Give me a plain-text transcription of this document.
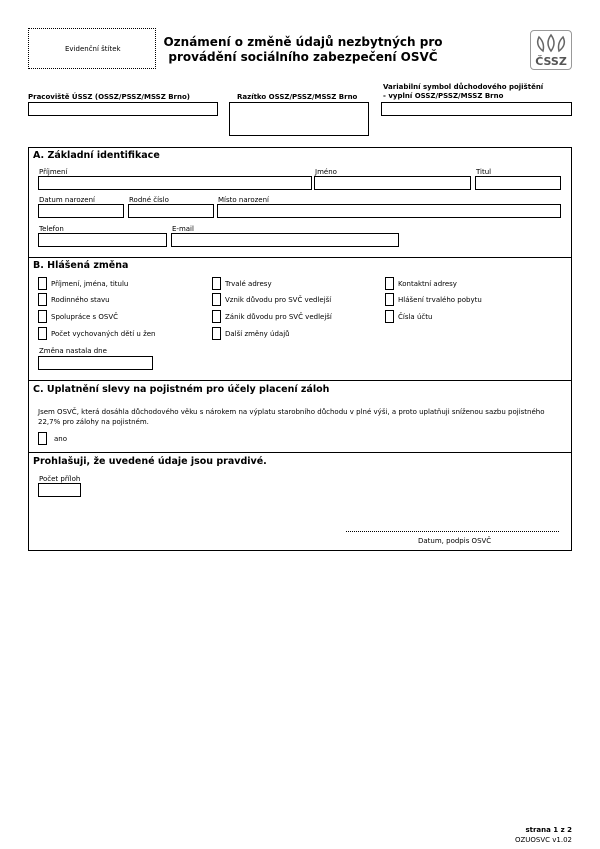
Evidenční štítek	Oznámení o změně údajů nezbytných pro
provádění sociálního zabezpečení OSVČ	ČSSZ
Pracoviště ÚSSZ (OSSZ/PSSZ/MSSZ Brno)	Razítko OSSZ/PSSZ/MSSZ Brno
Variabilní symbol důchodového pojištění
- vyplní OSSZ/PSSZ/MSSZ Brno
A. Základní identifikace
Příjmení	Jméno	Titul
Datum narození	Rodné číslo	Místo narození
Telefon	E-mail
B. Hlášená změna
Příjmení, jména, titulu
Rodinného stavu
Spolupráce s OSVČ
Počet vychovaných dětí u žen
Trvalé adresy
Vznik důvodu pro SVČ vedlejší
Zánik důvodu pro SVČ vedlejší
Další změny údajů
Kontaktní adresy
Hlášení trvalého pobytu
Čísla účtu
Změna nastala dne
C. Uplatnění slevy na pojistném pro účely placení záloh
Jsem OSVČ, která dosáhla důchodového věku s nárokem na výplatu starobního důchodu v plné výši, a proto uplatňuji sníženou sazbu pojistného 22,7% pro zálohy na pojistném.
ano
Prohlašuji, že uvedené údaje jsou pravdivé.
Počet příloh
Datum, podpis OSVČ
strana 1 z 2
OZUOSVC v1.02
